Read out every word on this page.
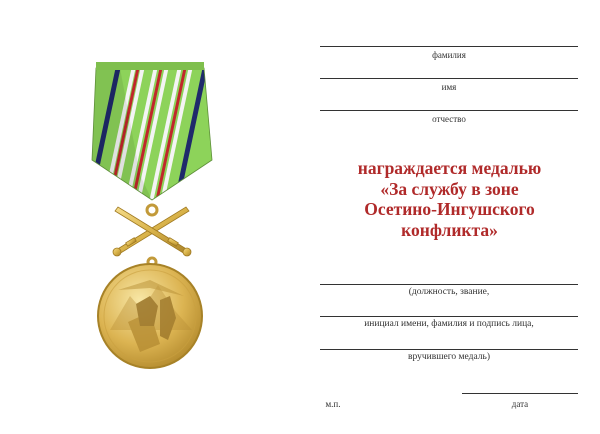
фамилия
имя
отчество
награждается медалью
«За службу в зоне
Осетино-Ингушского
конфликта»
(должность, звание,
инициал имени, фамилия и подпись лица,
вручившего медаль)
м.п.	дата
